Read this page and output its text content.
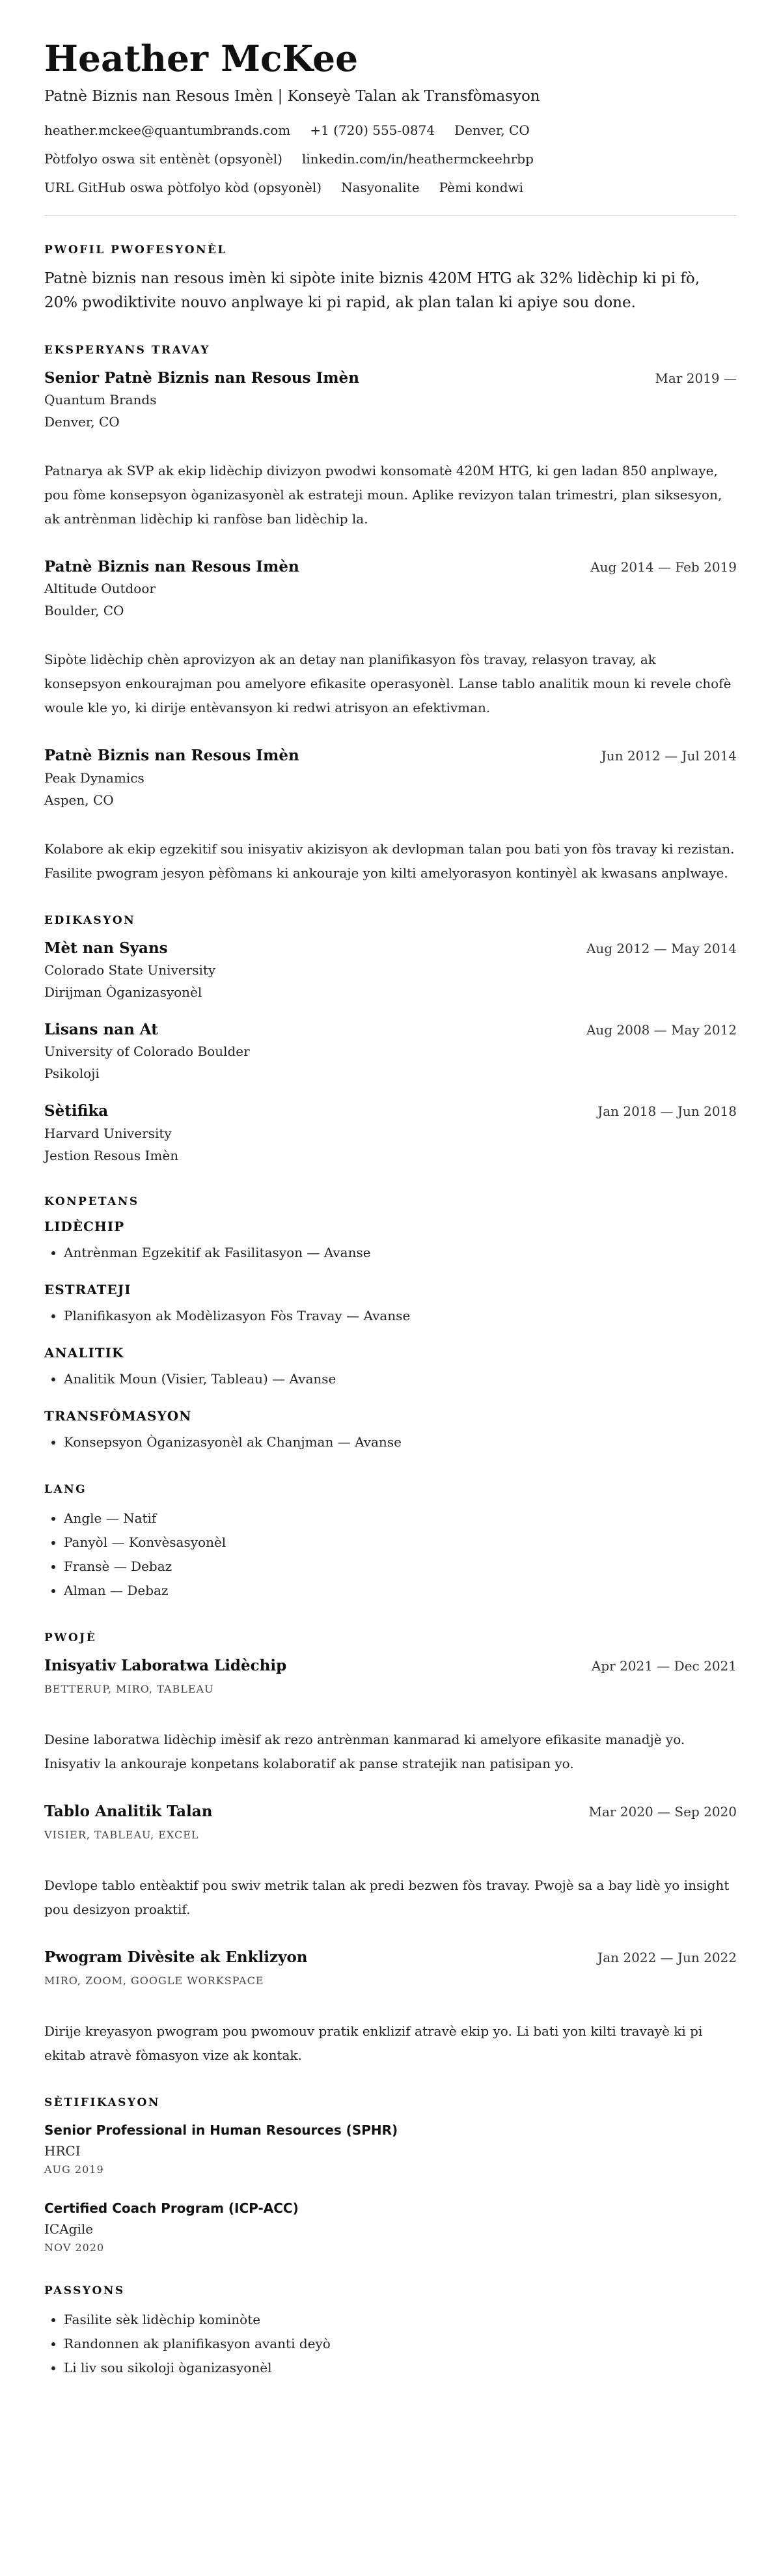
Heather McKee
Patnè Biznis nan Resous Imèn | Konseyè Talan ak Transfòmasyon
heather.mckee@quantumbrands.com +1 (720) 555-0874 Denver, CO
Pòtfolyo oswa sit entènèt (opsyonèl) linkedin.com/in/heathermckeehrbp
URL GitHub oswa pòtfolyo kòd (opsyonèl) Nasyonalite Pèmi kondwi
PWOFIL PWOFESYONÈL

Patnè biznis nan resous imèn ki sipòte inite biznis 420M HTG ak 32% lidèchip ki pi fò, 20% pwodiktivite nouvo anplwaye ki pi rapid, ak plan talan ki apiye sou done.

EKSPERYANS TRAVAY
Senior Patnè Biznis nan Resous Imèn	Mar 2019 —
Quantum Brands
Denver, CO

Patnarya ak SVP ak ekip lidèchip divizyon pwodwi konsomatè 420M HTG, ki gen ladan 850 anplwaye, pou fòme konsepsyon òganizasyonèl ak estrateji moun. Aplike revizyon talan trimestri, plan siksesyon, ak antrènman lidèchip ki ranfòse ban lidèchip la.

Patnè Biznis nan Resous Imèn	Aug 2014 — Feb 2019
Altitude Outdoor
Boulder, CO

Sipòte lidèchip chèn aprovizyon ak an detay nan planifikasyon fòs travay, relasyon travay, ak konsepsyon enkourajman pou amelyore efikasite operasyonèl. Lanse tablo analitik moun ki revele chofè woule kle yo, ki dirije entèvansyon ki redwi atrisyon an efektivman.

Patnè Biznis nan Resous Imèn	Jun 2012 — Jul 2014
Peak Dynamics
Aspen, CO

Kolabore ak ekip egzekitif sou inisyativ akizisyon ak devlopman talan pou bati yon fòs travay ki rezistan. Fasilite pwogram jesyon pèfòmans ki ankouraje yon kilti amelyorasyon kontinyèl ak kwasans anplwaye.

EDIKASYON
Mèt nan Syans	Aug 2012 — May 2014
Colorado State University
Dirijman Òganizasyonèl
Lisans nan At	Aug 2008 — May 2012
University of Colorado Boulder
Psikoloji
Sètifika	Jan 2018 — Jun 2018
Harvard University
Jestion Resous Imèn
KONPETANS
LIDÈCHIP
• Antrènman Egzekitif ak Fasilitasyon — Avanse
ESTRATEJI
• Planifikasyon ak Modèlizasyon Fòs Travay — Avanse
ANALITIK
• Analitik Moun (Visier, Tableau) — Avanse
TRANSFÒMASYON
• Konsepsyon Òganizasyonèl ak Chanjman — Avanse
LANG
• Angle — Natif
• Panyòl — Konvèsasyonèl
• Fransè — Debaz
• Alman — Debaz
PWOJÈ
Inisyativ Laboratwa Lidèchip	Apr 2021 — Dec 2021
BETTERUP, MIRO, TABLEAU

Desine laboratwa lidèchip imèsif ak rezo antrènman kanmarad ki amelyore efikasite manadjè yo. Inisyativ la ankouraje konpetans kolaboratif ak panse stratejik nan patisipan yo.

Tablo Analitik Talan	Mar 2020 — Sep 2020
VISIER, TABLEAU, EXCEL

Devlope tablo entèaktif pou swiv metrik talan ak predi bezwen fòs travay. Pwojè sa a bay lidè yo insight pou desizyon proaktif.

Pwogram Divèsite ak Enklizyon	Jan 2022 — Jun 2022
MIRO, ZOOM, GOOGLE WORKSPACE

Dirije kreyasyon pwogram pou pwomouv pratik enklizif atravè ekip yo. Li bati yon kilti travayè ki pi ekitab atravè fòmasyon vize ak kontak.

SÈTIFIKASYON
Senior Professional in Human Resources (SPHR)
HRCI
AUG 2019
Certified Coach Program (ICP-ACC)
ICAgile
NOV 2020
PASSYONS
• Fasilite sèk lidèchip kominòte
• Randonnen ak planifikasyon avanti deyò
• Li liv sou sikoloji òganizasyonèl
